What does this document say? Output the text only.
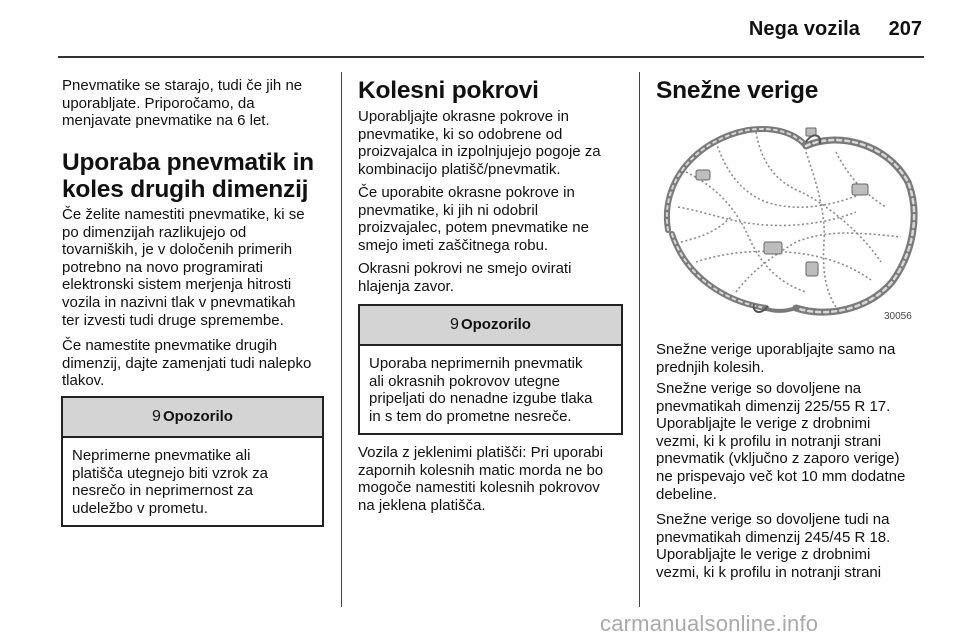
Nega vozila	207
Pnevmatike se starajo, tudi če jih ne
uporabljate. Priporočamo, da
menjavate pnevmatike na 6 let.
Uporaba pnevmatik in
koles drugih dimenzij
Če želite namestiti pnevmatike, ki se
po dimenzijah razlikujejo od
tovarniških, je v določenih primerih
potrebno na novo programirati
elektronski sistem merjenja hitrosti
vozila in nazivni tlak v pnevmatikah
ter izvesti tudi druge spremembe.
Če namestite pnevmatike drugih
dimenzij, dajte zamenjati tudi nalepko
tlakov.
9 Opozorilo
Neprimerne pnevmatike ali
platišča utegnejo biti vzrok za
nesrečo in neprimernost za
udeležbo v prometu.
Kolesni pokrovi
Uporabljajte okrasne pokrove in
pnevmatike, ki so odobrene od
proizvajalca in izpolnjujejo pogoje za
kombinacijo platišč/pnevmatik.
Če uporabite okrasne pokrove in
pnevmatike, ki jih ni odobril
proizvajalec, potem pnevmatike ne
smejo imeti zaščitnega robu.
Okrasni pokrovi ne smejo ovirati
hlajenja zavor.
9 Opozorilo
Uporaba neprimernih pnevmatik
ali okrasnih pokrovov utegne
pripeljati do nenadne izgube tlaka
in s tem do prometne nesreče.
Vozila z jeklenimi platišči: Pri uporabi
zapornih kolesnih matic morda ne bo
mogoče namestiti kolesnih pokrovov
na jeklena platišča.
Snežne verige
30056
Snežne verige uporabljajte samo na
prednjih kolesih.
Snežne verige so dovoljene na
pnevmatikah dimenzij 225/55 R 17.
Uporabljajte le verige z drobnimi
vezmi, ki k profilu in notranji strani
pnevmatik (vključno z zaporo verige)
ne prispevajo več kot 10 mm dodatne
debeline.
Snežne verige so dovoljene tudi na
pnevmatikah dimenzij 245/45 R 18.
Uporabljajte le verige z drobnimi
vezmi, ki k profilu in notranji strani
carmanualsonline.info
